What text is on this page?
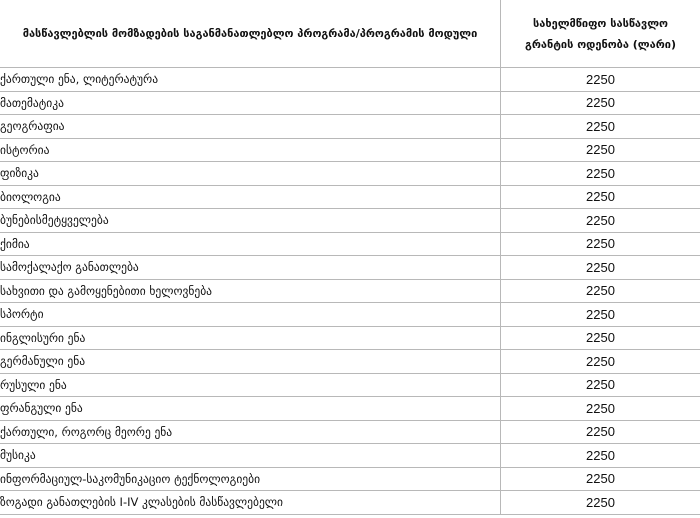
მასწავლებლის მომზადების საგანმანათლებლო პროგრამა/პროგრამის მოდული	სახელმწიფო სასწავლო გრანტის ოდენობა (ლარი)
ქართული ენა, ლიტერატურა	2250
მათემატიკა	2250
გეოგრაფია	2250
ისტორია	2250
ფიზიკა	2250
ბიოლოგია	2250
ბუნებისმეტყველება	2250
ქიმია	2250
სამოქალაქო განათლება	2250
სახვითი და გამოყენებითი ხელოვნება	2250
სპორტი	2250
ინგლისური ენა	2250
გერმანული ენა	2250
რუსული ენა	2250
ფრანგული ენა	2250
ქართული, როგორც მეორე ენა	2250
მუსიკა	2250
ინფორმაციულ-საკომუნიკაციო ტექნოლოგიები	2250
ზოგადი განათლების I-IV კლასების მასწავლებელი	2250
